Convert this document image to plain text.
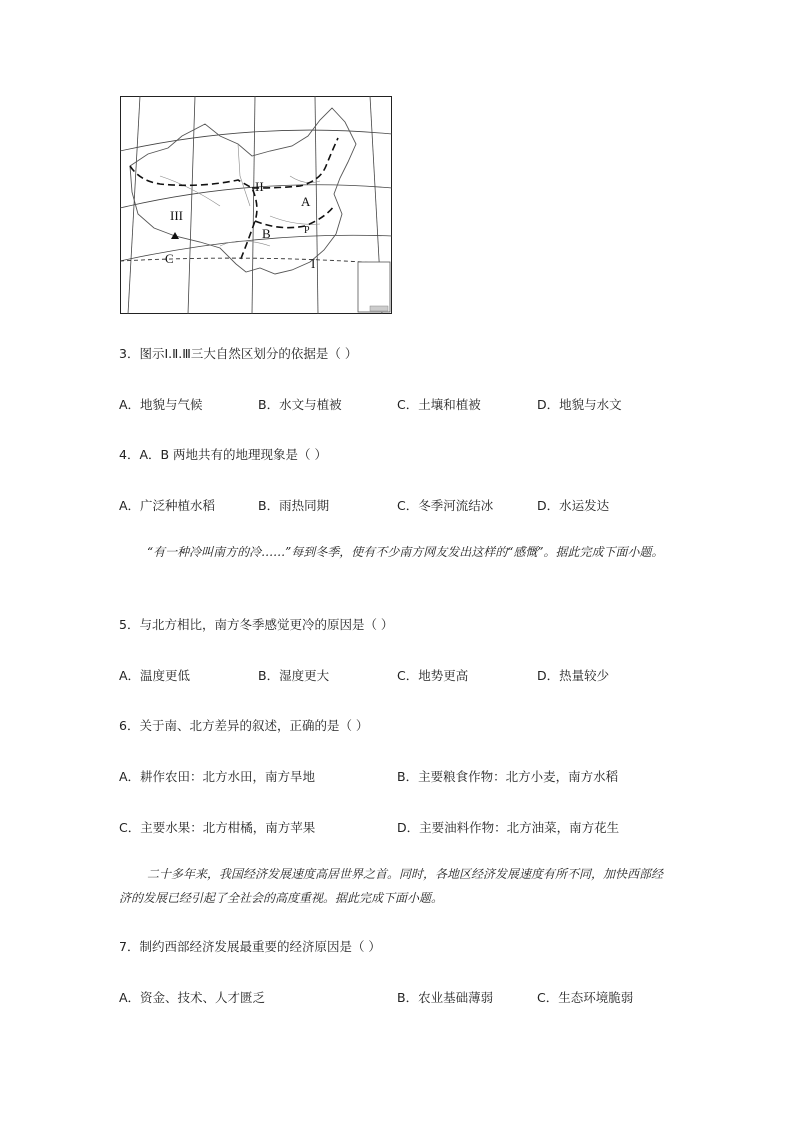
II
III
A
B	P
C	I
3．图示Ⅰ.Ⅱ.Ⅲ三大自然区划分的依据是（ ）
A．地貌与气候	B．水文与植被	C．土壤和植被	D．地貌与水文
4．A．B 两地共有的地理现象是（ ）
A．广泛种植水稻	B．雨热同期	C．冬季河流结冰	D．水运发达
“有一种冷叫南方的冷……”每到冬季，使有不少南方网友发出这样的“感慨”。据此完成下面小题。
5．与北方相比，南方冬季感觉更冷的原因是（ ）
A．温度更低	B．湿度更大	C．地势更高	D．热量较少
6．关于南、北方差异的叙述，正确的是（ ）
A．耕作农田：北方水田，南方旱地	B．主要粮食作物：北方小麦，南方水稻
C．主要水果：北方柑橘，南方苹果	D．主要油料作物：北方油菜，南方花生
二十多年来，我国经济发展速度高居世界之首。同时，各地区经济发展速度有所不同，加快西部经济的发展已经引起了全社会的高度重视。据此完成下面小题。
7．制约西部经济发展最重要的经济原因是（ ）
A．资金、技术、人才匮乏	B．农业基础薄弱	C．生态环境脆弱
